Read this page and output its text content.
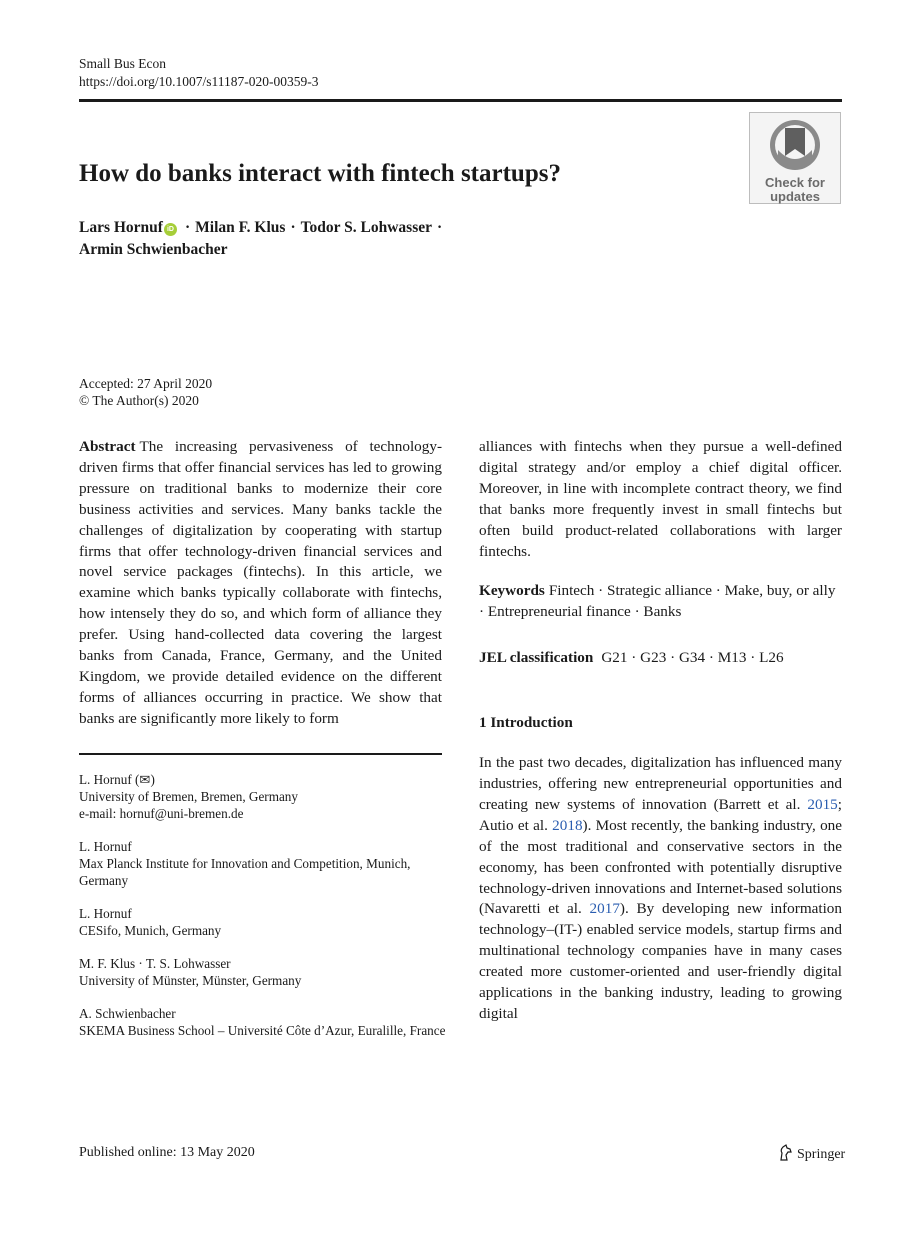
Small Bus Econ
https://doi.org/10.1007/s11187-020-00359-3
Check for
updates
How do banks interact with fintech startups?
Lars Hornuf iD · Milan F. Klus · Todor S. Lohwasser ·
Armin Schwienbacher
Accepted: 27 April 2020
© The Author(s) 2020
Abstract The increasing pervasiveness of technology-driven firms that offer financial services has led to growing pressure on traditional banks to modernize their core business activities and services. Many banks tackle the challenges of digitalization by cooperating with startup firms that offer technology-driven financial services and novel service packages (fintechs). In this article, we examine which banks typically collaborate with fintechs, how intensely they do so, and which form of alliance they prefer. Using hand-collected data covering the largest banks from Canada, France, Germany, and the United Kingdom, we provide detailed evidence on the different forms of alliances occurring in practice. We show that banks are significantly more likely to form
L. Hornuf (✉)
University of Bremen, Bremen, Germany
e-mail: hornuf@uni-bremen.de
L. Hornuf
Max Planck Institute for Innovation and Competition, Munich, Germany
L. Hornuf
CESifo, Munich, Germany
M. F. Klus · T. S. Lohwasser
University of Münster, Münster, Germany
A. Schwienbacher
SKEMA Business School – Université Côte d’Azur, Euralille, France
alliances with fintechs when they pursue a well-defined digital strategy and/or employ a chief digital officer. Moreover, in line with incomplete contract theory, we find that banks more frequently invest in small fintechs but often build product-related collaborations with larger fintechs.
Keywords Fintech · Strategic alliance · Make, buy, or ally · Entrepreneurial finance · Banks
JEL classification G21 · G23 · G34 · M13 · L26
1 Introduction
In the past two decades, digitalization has influenced many industries, offering new entrepreneurial opportunities and creating new systems of innovation (Barrett et al. 2015; Autio et al. 2018). Most recently, the banking industry, one of the most traditional and conservative sectors in the economy, has been confronted with potentially disruptive technology-driven innovations and Internet-based solutions (Navaretti et al. 2017). By developing new information technology–(IT-) enabled service models, startup firms and multinational technology companies have in many cases created more customer-oriented and user-friendly digital applications in the banking industry, leading to growing digital
Published online: 13 May 2020	Springer
